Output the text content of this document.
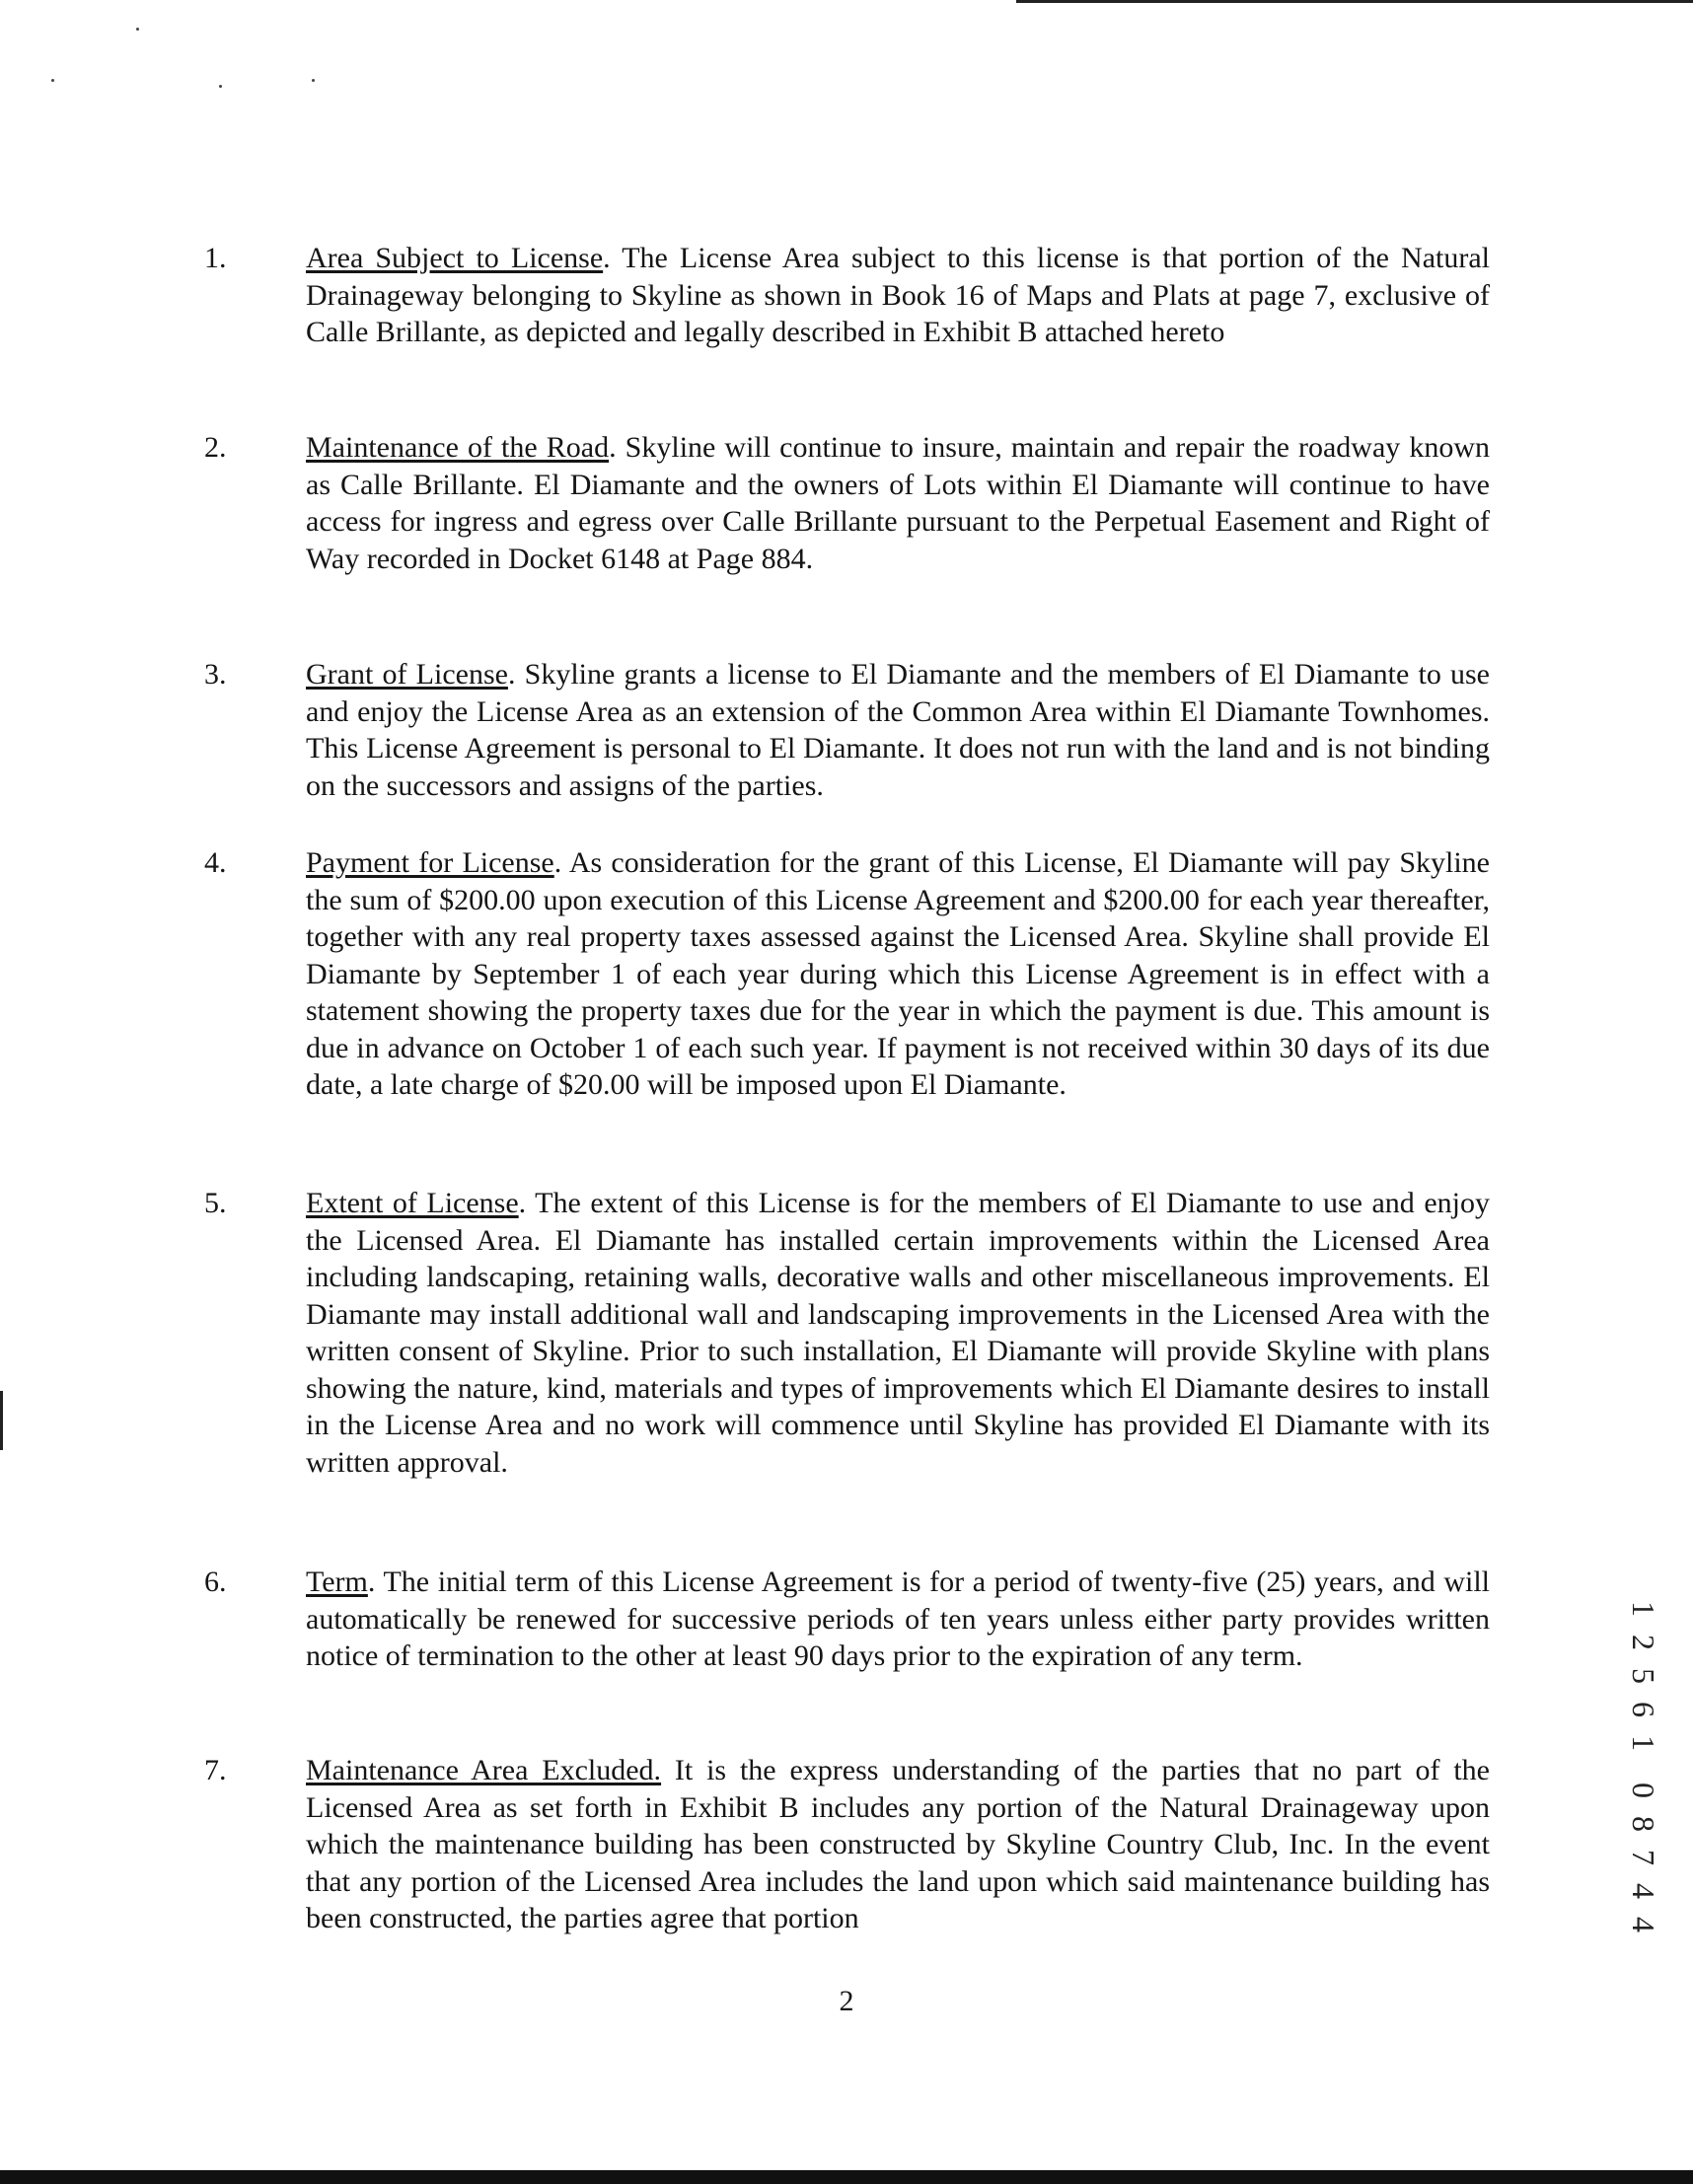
1.	Area Subject to License. The License Area subject to this license is that portion of the Natural Drainageway belonging to Skyline as shown in Book 16 of Maps and Plats at page 7, exclusive of Calle Brillante, as depicted and legally described in Exhibit B attached hereto
2.	Maintenance of the Road. Skyline will continue to insure, maintain and repair the roadway known as Calle Brillante. El Diamante and the owners of Lots within El Diamante will continue to have access for ingress and egress over Calle Brillante pursuant to the Perpetual Easement and Right of Way recorded in Docket 6148 at Page 884.
3.	Grant of License. Skyline grants a license to El Diamante and the members of El Diamante to use and enjoy the License Area as an extension of the Common Area within El Diamante Townhomes. This License Agreement is personal to El Diamante. It does not run with the land and is not binding on the successors and assigns of the parties.
4.	Payment for License. As consideration for the grant of this License, El Diamante will pay Skyline the sum of $200.00 upon execution of this License Agreement and $200.00 for each year thereafter, together with any real property taxes assessed against the Licensed Area. Skyline shall provide El Diamante by September 1 of each year during which this License Agreement is in effect with a statement showing the property taxes due for the year in which the payment is due. This amount is due in advance on October 1 of each such year. If payment is not received within 30 days of its due date, a late charge of $20.00 will be imposed upon El Diamante.
5.	Extent of License. The extent of this License is for the members of El Diamante to use and enjoy the Licensed Area. El Diamante has installed certain improvements within the Licensed Area including landscaping, retaining walls, decorative walls and other miscellaneous improvements. El Diamante may install additional wall and landscaping improvements in the Licensed Area with the written consent of Skyline. Prior to such installation, El Diamante will provide Skyline with plans showing the nature, kind, materials and types of improvements which El Diamante desires to install in the License Area and no work will commence until Skyline has provided El Diamante with its written approval.
6.	Term. The initial term of this License Agreement is for a period of twenty-five (25) years, and will automatically be renewed for successive periods of ten years unless either party provides written notice of termination to the other at least 90 days prior to the expiration of any term.
7.	Maintenance Area Excluded. It is the express understanding of the parties that no part of the Licensed Area as set forth in Exhibit B includes any portion of the Natural Drainageway upon which the maintenance building has been constructed by Skyline Country Club, Inc. In the event that any portion of the Licensed Area includes the land upon which said maintenance building has been constructed, the parties agree that portion
2
1
2
5
6
1
0
8
7
4
4
